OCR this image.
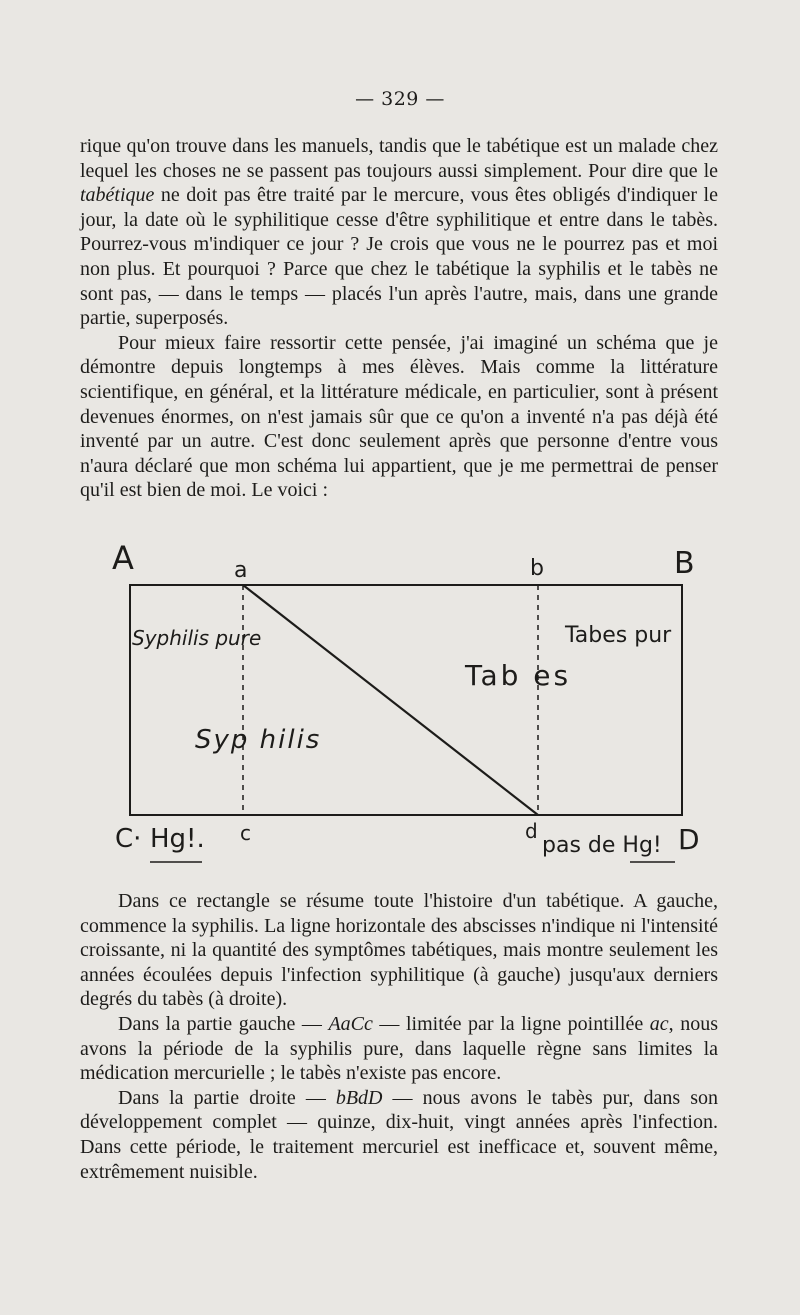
— 329 —

rique qu'on trouve dans les manuels, tandis que le tabétique est un malade chez lequel les choses ne se passent pas toujours aussi simplement. Pour dire que le tabétique ne doit pas être traité par le mercure, vous êtes obligés d'indiquer le jour, la date où le syphilitique cesse d'être syphilitique et entre dans le tabès. Pourrez-vous m'indiquer ce jour ? Je crois que vous ne le pourrez pas et moi non plus. Et pourquoi ? Parce que chez le tabétique la syphilis et le tabès ne sont pas, — dans le temps — placés l'un après l'autre, mais, dans une grande partie, superposés.

Pour mieux faire ressortir cette pensée, j'ai imaginé un schéma que je démontre depuis longtemps à mes élèves. Mais comme la littérature scientifique, en général, et la littérature médicale, en particulier, sont à présent devenues énormes, on n'est jamais sûr que ce qu'on a inventé n'a pas déjà été inventé par un autre. C'est donc seulement après que personne d'entre vous n'aura déclaré que mon schéma lui appartient, que je me permettrai de penser qu'il est bien de moi. Le voici :

A	a	b	B
Syphilis pure	Tabes pur
Tab es
Syp hilis
C· Hg!. c	d
pas de Hg! D

Dans ce rectangle se résume toute l'histoire d'un tabétique. A gauche, commence la syphilis. La ligne horizontale des abscisses n'indique ni l'intensité croissante, ni la quantité des symptômes tabétiques, mais montre seulement les années écoulées depuis l'infection syphilitique (à gauche) jusqu'aux derniers degrés du tabès (à droite).

Dans la partie gauche — AaCc — limitée par la ligne pointillée ac, nous avons la période de la syphilis pure, dans laquelle règne sans limites la médication mercurielle ; le tabès n'existe pas encore.

Dans la partie droite — bBdD — nous avons le tabès pur, dans son développement complet — quinze, dix-huit, vingt années après l'infection. Dans cette période, le traitement mercuriel est inefficace et, souvent même, extrêmement nuisible.
